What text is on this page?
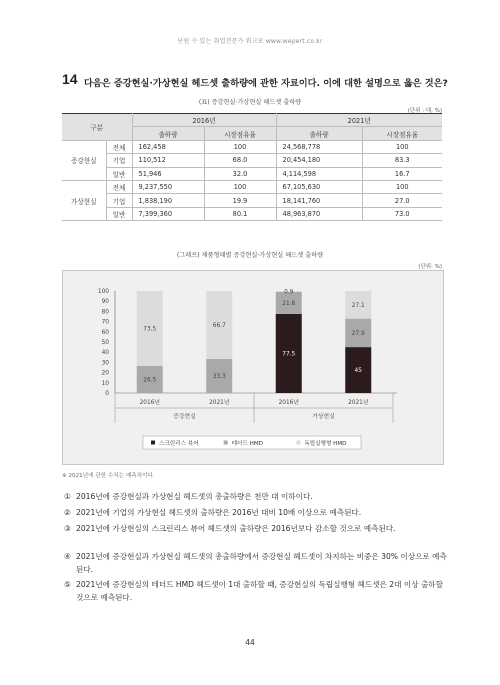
단원 수 있는 취업전문가 워크포 www.wepert.co.kr
14 다음은 증강현실·가상현실 헤드셋 출하량에 관한 자료이다. 이에 대한 설명으로 옳은 것은?
(표) 증강현실·가상현실 헤드셋 출하량
(단위 : 대, %)
구분		2016년		2021년	
		출하량	시장점유율	출하량	시장점유율
증강현실	전체	162,458	100	24,568,778	100
	기업	110,512	68.0	20,454,180	83.3
	일반	51,946	32.0	4,114,598	16.7
가상현실	전체	9,237,550	100	67,105,630	100
	기업	1,838,190	19.9	18,141,760	27.0
	일반	7,399,360	80.1	48,963,870	73.0
(그래프) 제품형태별 증강현실·가상현실 헤드셋 출하량
(단위: %)
100
90
80
70
60
50
40
30
20
10
0
26.5
73.5
2016년
33.3
66.7
2021년
77.5
21.6
0.9
2016년
45
27.9
27.1
2021년
증강현실	가상현실
스크린리스 뷰어	테더드 HMD	독립실행형 HMD
※ 2021년에 관한 수치는 예측치이다.
① 2016년에 증강현실과 가상현실 헤드셋의 총출하량은 천만 대 이하이다.
② 2021년에 기업의 가상현실 헤드셋의 출하량은 2016년 대비 10배 이상으로 예측된다.
③ 2021년에 가상현실의 스크린리스 뷰어 헤드셋의 출하량은 2016년보다 감소할 것으로 예측된다.
④ 2021년에 증강현실과 가상현실 헤드셋의 총출하량에서 증강현실 헤드셋이 차지하는 비중은 30% 이상으로 예측된다.
⑤ 2021년에 증강현실의 테더드 HMD 헤드셋이 1대 출하할 때, 증강현실의 독립실행형 헤드셋은 2대 이상 출하할 것으로 예측된다.
44
